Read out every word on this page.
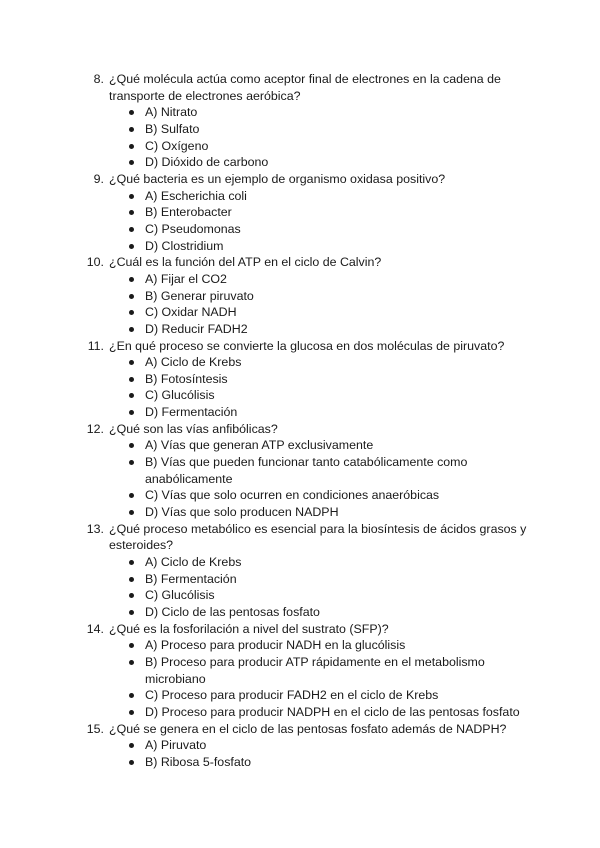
8. ¿Qué molécula actúa como aceptor final de electrones en la cadena de
transporte de electrones aeróbica?
A) Nitrato
B) Sulfato
C) Oxígeno
D) Dióxido de carbono
9. ¿Qué bacteria es un ejemplo de organismo oxidasa positivo?
A) Escherichia coli
B) Enterobacter
C) Pseudomonas
D) Clostridium
10. ¿Cuál es la función del ATP en el ciclo de Calvin?
A) Fijar el CO2
B) Generar piruvato
C) Oxidar NADH
D) Reducir FADH2
11. ¿En qué proceso se convierte la glucosa en dos moléculas de piruvato?
A) Ciclo de Krebs
B) Fotosíntesis
C) Glucólisis
D) Fermentación
12. ¿Qué son las vías anfibólicas?
A) Vías que generan ATP exclusivamente
B) Vías que pueden funcionar tanto catabólicamente como
anabólicamente
C) Vías que solo ocurren en condiciones anaeróbicas
D) Vías que solo producen NADPH
13. ¿Qué proceso metabólico es esencial para la biosíntesis de ácidos grasos y
esteroides?
A) Ciclo de Krebs
B) Fermentación
C) Glucólisis
D) Ciclo de las pentosas fosfato
14. ¿Qué es la fosforilación a nivel del sustrato (SFP)?
A) Proceso para producir NADH en la glucólisis
B) Proceso para producir ATP rápidamente en el metabolismo
microbiano
C) Proceso para producir FADH2 en el ciclo de Krebs
D) Proceso para producir NADPH en el ciclo de las pentosas fosfato
15. ¿Qué se genera en el ciclo de las pentosas fosfato además de NADPH?
A) Piruvato
B) Ribosa 5-fosfato
